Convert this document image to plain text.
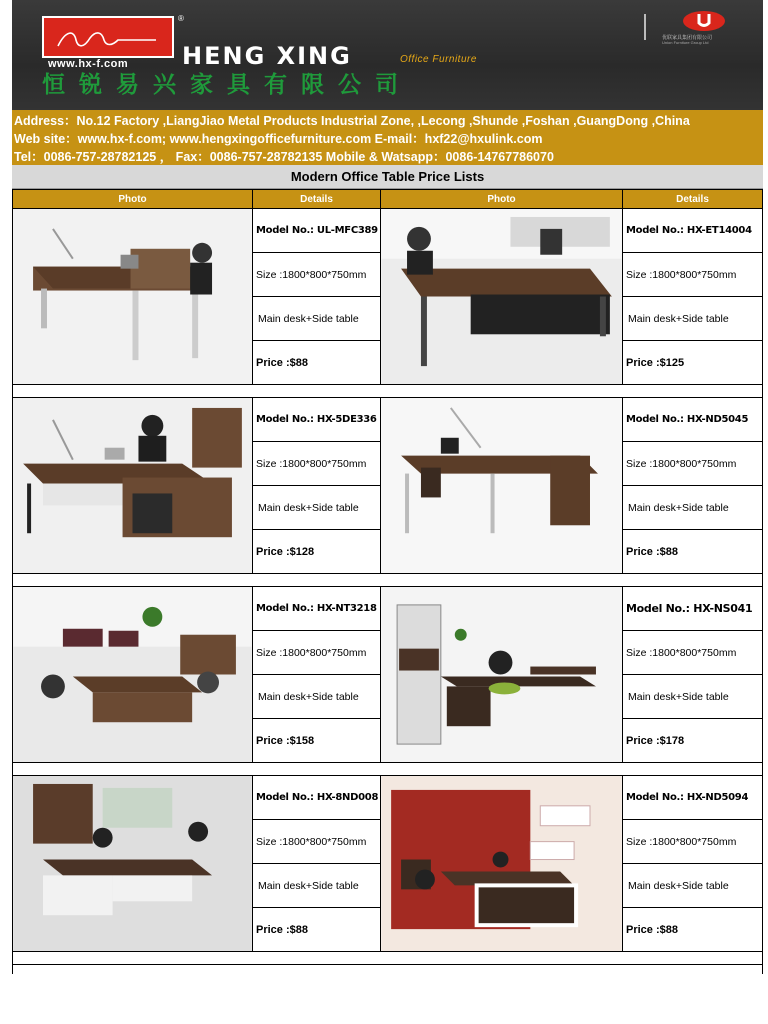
®
www.hx-f.com HENG XING	Office Furniture
恒锐易兴家具有限公司
优联家具集团有限公司
Union Furniture Group Ltd
Address：No.12 Factory ,LiangJiao Metal Products Industrial Zone, ,Lecong ,Shunde ,Foshan ,GuangDong ,China
Web site：www.hx-f.com; www.hengxingofficefurniture.com E-mail：hxf22@hxulink.com
Tel：0086-757-28782125 ， Fax：0086-757-28782135 Mobile & Watsapp：0086-14767786070
Modern Office Table Price Lists
Photo	Details	Photo	Details
Model No.: UL-MFC389
Size :1800*800*750mm
Main desk+Side table
Price :$88
Model No.: HX-ET14004
Size :1800*800*750mm
Main desk+Side table
Price :$125
Model No.: HX-5DE336
Size :1800*800*750mm
Main desk+Side table
Price :$128
Model No.: HX-ND5045
Size :1800*800*750mm
Main desk+Side table
Price :$88
Model No.: HX-NT3218
Size :1800*800*750mm
Main desk+Side table
Price :$158
Model No.: HX-NS041
Size :1800*800*750mm
Main desk+Side table
Price :$178
Model No.: HX-8ND008
Size :1800*800*750mm
Main desk+Side table
Price :$88
Model No.: HX-ND5094
Size :1800*800*750mm
Main desk+Side table
Price :$88
